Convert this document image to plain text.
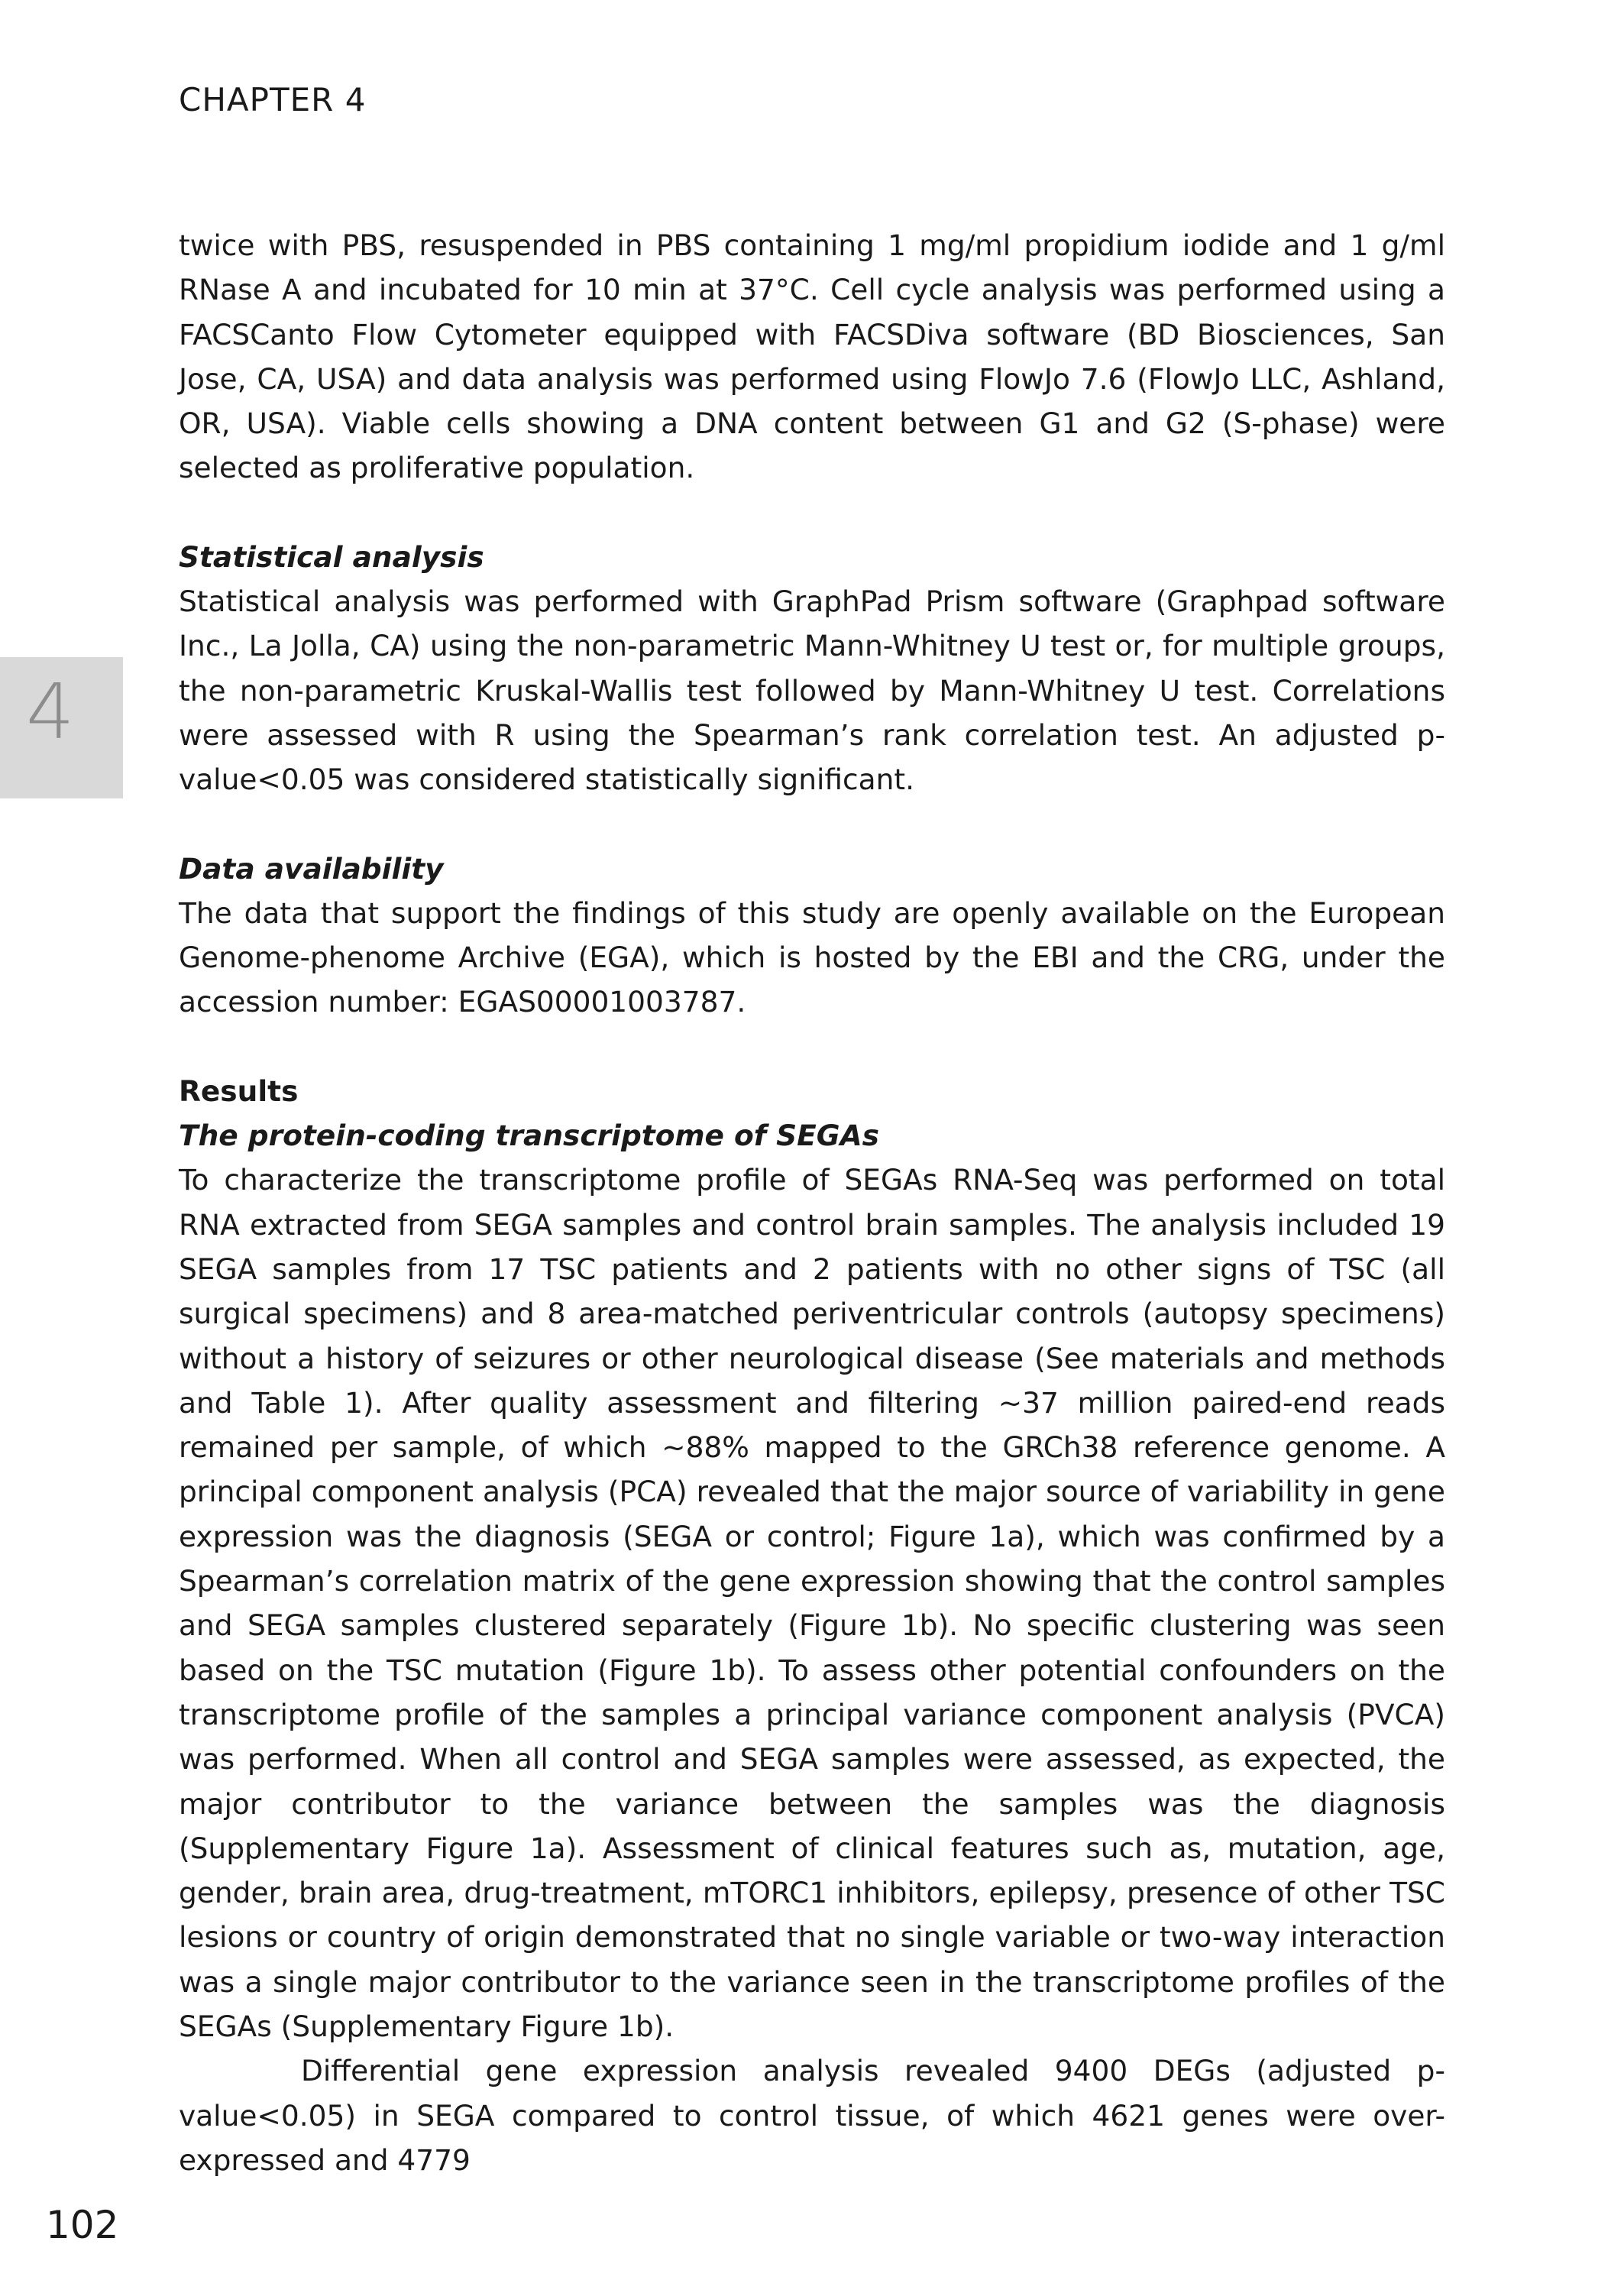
CHAPTER 4
4

twice with PBS, resuspended in PBS containing 1 mg/ml propidium iodide and 1 g/ml RNase A and incubated for 10 min at 37°C. Cell cycle analysis was performed using a FACSCanto Flow Cytometer equipped with FACSDiva software (BD Biosciences, San Jose, CA, USA) and data analysis was performed using FlowJo 7.6 (FlowJo LLC, Ashland, OR, USA). Viable cells showing a DNA content between G1 and G2 (S-phase) were selected as proliferative population.

Statistical analysis

Statistical analysis was performed with GraphPad Prism software (Graphpad software Inc., La Jolla, CA) using the non-parametric Mann-Whitney U test or, for multiple groups, the non-parametric Kruskal-Wallis test followed by Mann-Whitney U test. Correlations were assessed with R using the Spearman’s rank correlation test. An adjusted p-value<0.05 was considered statistically significant.

Data availability

The data that support the findings of this study are openly available on the European Genome-phenome Archive (EGA), which is hosted by the EBI and the CRG, under the accession number: EGAS00001003787.

Results
The protein-coding transcriptome of SEGAs

To characterize the transcriptome profile of SEGAs RNA-Seq was performed on total RNA extracted from SEGA samples and control brain samples. The analysis included 19 SEGA samples from 17 TSC patients and 2 patients with no other signs of TSC (all surgical specimens) and 8 area-matched periventricular controls (autopsy specimens) without a history of seizures or other neurological disease (See materials and methods and Table 1). After quality assessment and filtering ~37 million paired-end reads remained per sample, of which ~88% mapped to the GRCh38 reference genome. A principal component analysis (PCA) revealed that the major source of variability in gene expression was the diagnosis (SEGA or control; Figure 1a), which was confirmed by a Spearman’s correlation matrix of the gene expression showing that the control samples and SEGA samples clustered separately (Figure 1b). No specific clustering was seen based on the TSC mutation (Figure 1b). To assess other potential confounders on the transcriptome profile of the samples a principal variance component analysis (PVCA) was performed. When all control and SEGA samples were assessed, as expected, the major contributor to the variance between the samples was the diagnosis (Supplementary Figure 1a). Assessment of clinical features such as, mutation, age, gender, brain area, drug-treatment, mTORC1 inhibitors, epilepsy, presence of other TSC lesions or country of origin demonstrated that no single variable or two-way interaction was a single major contributor to the variance seen in the transcriptome profiles of the SEGAs (Supplementary Figure 1b).

Differential gene expression analysis revealed 9400 DEGs (adjusted p-value<0.05) in SEGA compared to control tissue, of which 4621 genes were over-expressed and 4779

102
